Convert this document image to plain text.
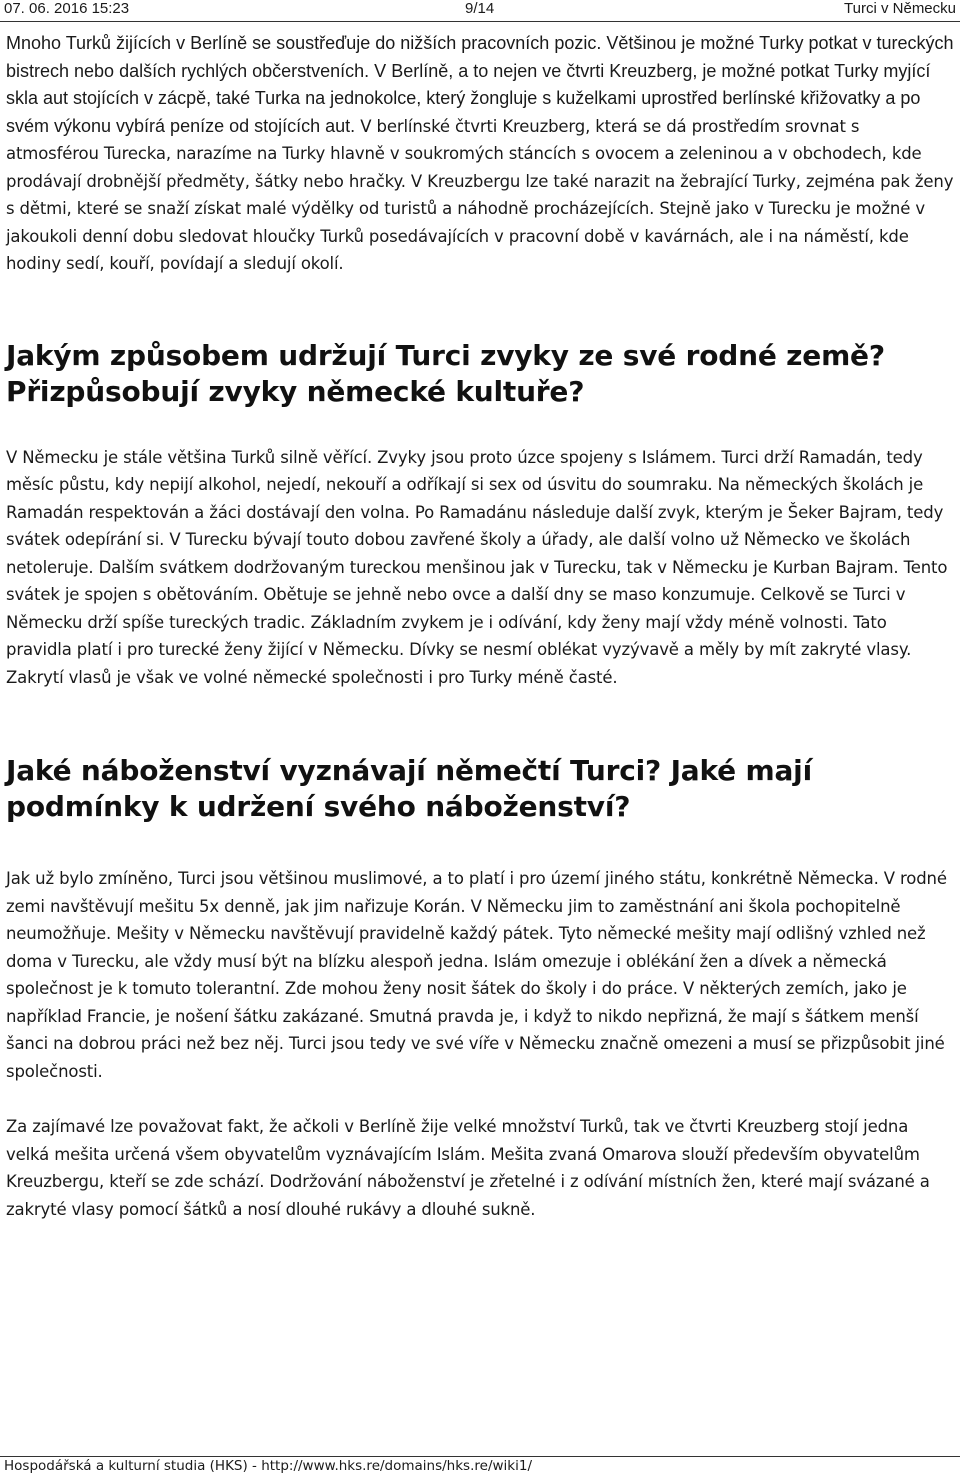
07. 06. 2016 15:23	9/14	Turci v Německu

Mnoho Turků žijících v Berlíně se soustřeďuje do nižších pracovních pozic. Většinou je možné Turky potkat v tureckých bistrech nebo dalších rychlých občerstveních. V Berlíně, a to nejen ve čtvrti Kreuzberg, je možné potkat Turky myjící skla aut stojících v zácpě, také Turka na jednokolce, který žongluje s kuželkami uprostřed berlínské křižovatky a po svém výkonu vybírá peníze od stojících aut. V berlínské čtvrti Kreuzberg, která se dá prostředím srovnat s atmosférou Turecka, narazíme na Turky hlavně v soukromých stáncích s ovocem a zeleninou a v obchodech, kde prodávají drobnější předměty, šátky nebo hračky. V Kreuzbergu lze také narazit na žebrající Turky, zejména pak ženy s dětmi, které se snaží získat malé výdělky od turistů a náhodně procházejících. Stejně jako v Turecku je možné v jakoukoli denní dobu sledovat hloučky Turků posedávajících v pracovní době v kavárnách, ale i na náměstí, kde hodiny sedí, kouří, povídají a sledují okolí.

Jakým způsobem udržují Turci zvyky ze své rodné země? Přizpůsobují zvyky německé kultuře?

V Německu je stále většina Turků silně věřící. Zvyky jsou proto úzce spojeny s Islámem. Turci drží Ramadán, tedy měsíc půstu, kdy nepijí alkohol, nejedí, nekouří a odříkají si sex od úsvitu do soumraku. Na německých školách je Ramadán respektován a žáci dostávají den volna. Po Ramadánu následuje další zvyk, kterým je Šeker Bajram, tedy svátek odepírání si. V Turecku bývají touto dobou zavřené školy a úřady, ale další volno už Německo ve školách netoleruje. Dalším svátkem dodržovaným tureckou menšinou jak v Turecku, tak v Německu je Kurban Bajram. Tento svátek je spojen s obětováním. Obětuje se jehně nebo ovce a další dny se maso konzumuje. Celkově se Turci v Německu drží spíše tureckých tradic. Základním zvykem je i odívání, kdy ženy mají vždy méně volnosti. Tato pravidla platí i pro turecké ženy žijící v Německu. Dívky se nesmí oblékat vyzývavě a měly by mít zakryté vlasy. Zakrytí vlasů je však ve volné německé společnosti i pro Turky méně časté.

Jaké náboženství vyznávají němečtí Turci? Jaké mají podmínky k udržení svého náboženství?

Jak už bylo zmíněno, Turci jsou většinou muslimové, a to platí i pro území jiného státu, konkrétně Německa. V rodné zemi navštěvují mešitu 5x denně, jak jim nařizuje Korán. V Německu jim to zaměstnání ani škola pochopitelně neumožňuje. Mešity v Německu navštěvují pravidelně každý pátek. Tyto německé mešity mají odlišný vzhled než doma v Turecku, ale vždy musí být na blízku alespoň jedna. Islám omezuje i oblékání žen a dívek a německá společnost je k tomuto tolerantní. Zde mohou ženy nosit šátek do školy i do práce. V některých zemích, jako je například Francie, je nošení šátku zakázané. Smutná pravda je, i když to nikdo nepřizná, že mají s šátkem menší šanci na dobrou práci než bez něj. Turci jsou tedy ve své víře v Německu značně omezeni a musí se přizpůsobit jiné společnosti.

Za zajímavé lze považovat fakt, že ačkoli v Berlíně žije velké množství Turků, tak ve čtvrti Kreuzberg stojí jedna velká mešita určená všem obyvatelům vyznávajícím Islám. Mešita zvaná Omarova slouží především obyvatelům Kreuzbergu, kteří se zde schází. Dodržování náboženství je zřetelné i z odívání místních žen, které mají svázané a zakryté vlasy pomocí šátků a nosí dlouhé rukávy a dlouhé sukně.

Hospodářská a kulturní studia (HKS) - http://www.hks.re/domains/hks.re/wiki1/
